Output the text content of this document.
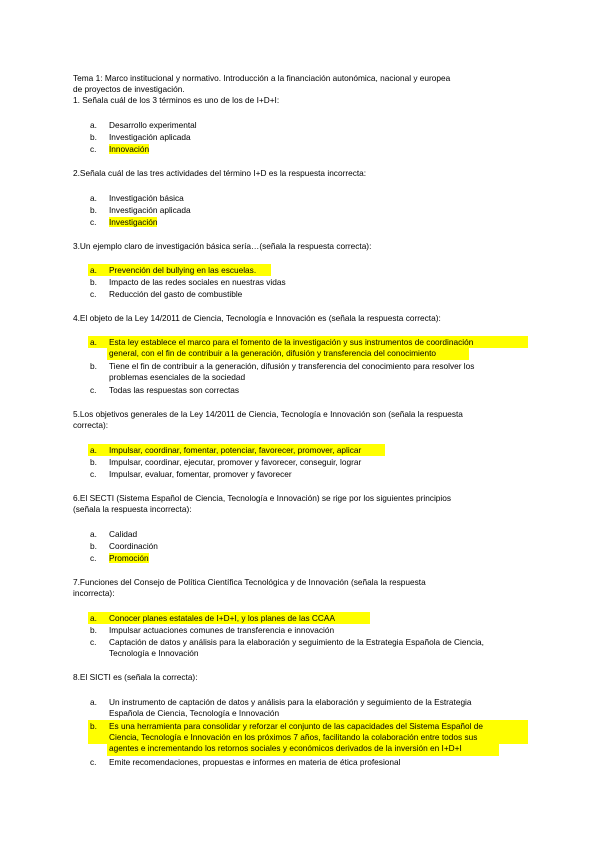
Tema 1: Marco institucional y normativo. Introducción a la financiación autonómica, nacional y europea
de proyectos de investigación.
1. Señala cuál de los 3 términos es uno de los de I+D+I:
a. Desarrollo experimental
b. Investigación aplicada
c. Innovación
2.Señala cuál de las tres actividades del término I+D es la respuesta incorrecta:
a. Investigación básica
b. Investigación aplicada
c. Investigación
3.Un ejemplo claro de investigación básica sería…(señala la respuesta correcta):
a. Prevención del bullying en las escuelas.
b. Impacto de las redes sociales en nuestras vidas
c. Reducción del gasto de combustible
4.El objeto de la Ley 14/2011 de Ciencia, Tecnología e Innovación es (señala la respuesta correcta):
a. Esta ley establece el marco para el fomento de la investigación y sus instrumentos de coordinación
general, con el fin de contribuir a la generación, difusión y transferencia del conocimiento
b. Tiene el fin de contribuir a la generación, difusión y transferencia del conocimiento para resolver los
problemas esenciales de la sociedad
c. Todas las respuestas son correctas
5.Los objetivos generales de la Ley 14/2011 de Ciencia, Tecnología e Innovación son (señala la respuesta
correcta):
a. Impulsar, coordinar, fomentar, potenciar, favorecer, promover, aplicar
b. Impulsar, coordinar, ejecutar, promover y favorecer, conseguir, lograr
c. Impulsar, evaluar, fomentar, promover y favorecer
6.El SECTI (Sistema Español de Ciencia, Tecnología e Innovación) se rige por los siguientes principios
(señala la respuesta incorrecta):
a. Calidad
b. Coordinación
c. Promoción
7.Funciones del Consejo de Política Científica Tecnológica y de Innovación (señala la respuesta
incorrecta):
a. Conocer planes estatales de I+D+I, y los planes de las CCAA
b. Impulsar actuaciones comunes de transferencia e innovación
c. Captación de datos y análisis para la elaboración y seguimiento de la Estrategia Española de Ciencia,
Tecnología e Innovación
8.El SICTI es (señala la correcta):
a. Un instrumento de captación de datos y análisis para la elaboración y seguimiento de la Estrategia
Española de Ciencia, Tecnología e Innovación
b. Es una herramienta para consolidar y reforzar el conjunto de las capacidades del Sistema Español de
Ciencia, Tecnología e Innovación en los próximos 7 años, facilitando la colaboración entre todos sus
agentes e incrementando los retornos sociales y económicos derivados de la inversión en I+D+I
c. Emite recomendaciones, propuestas e informes en materia de ética profesional
